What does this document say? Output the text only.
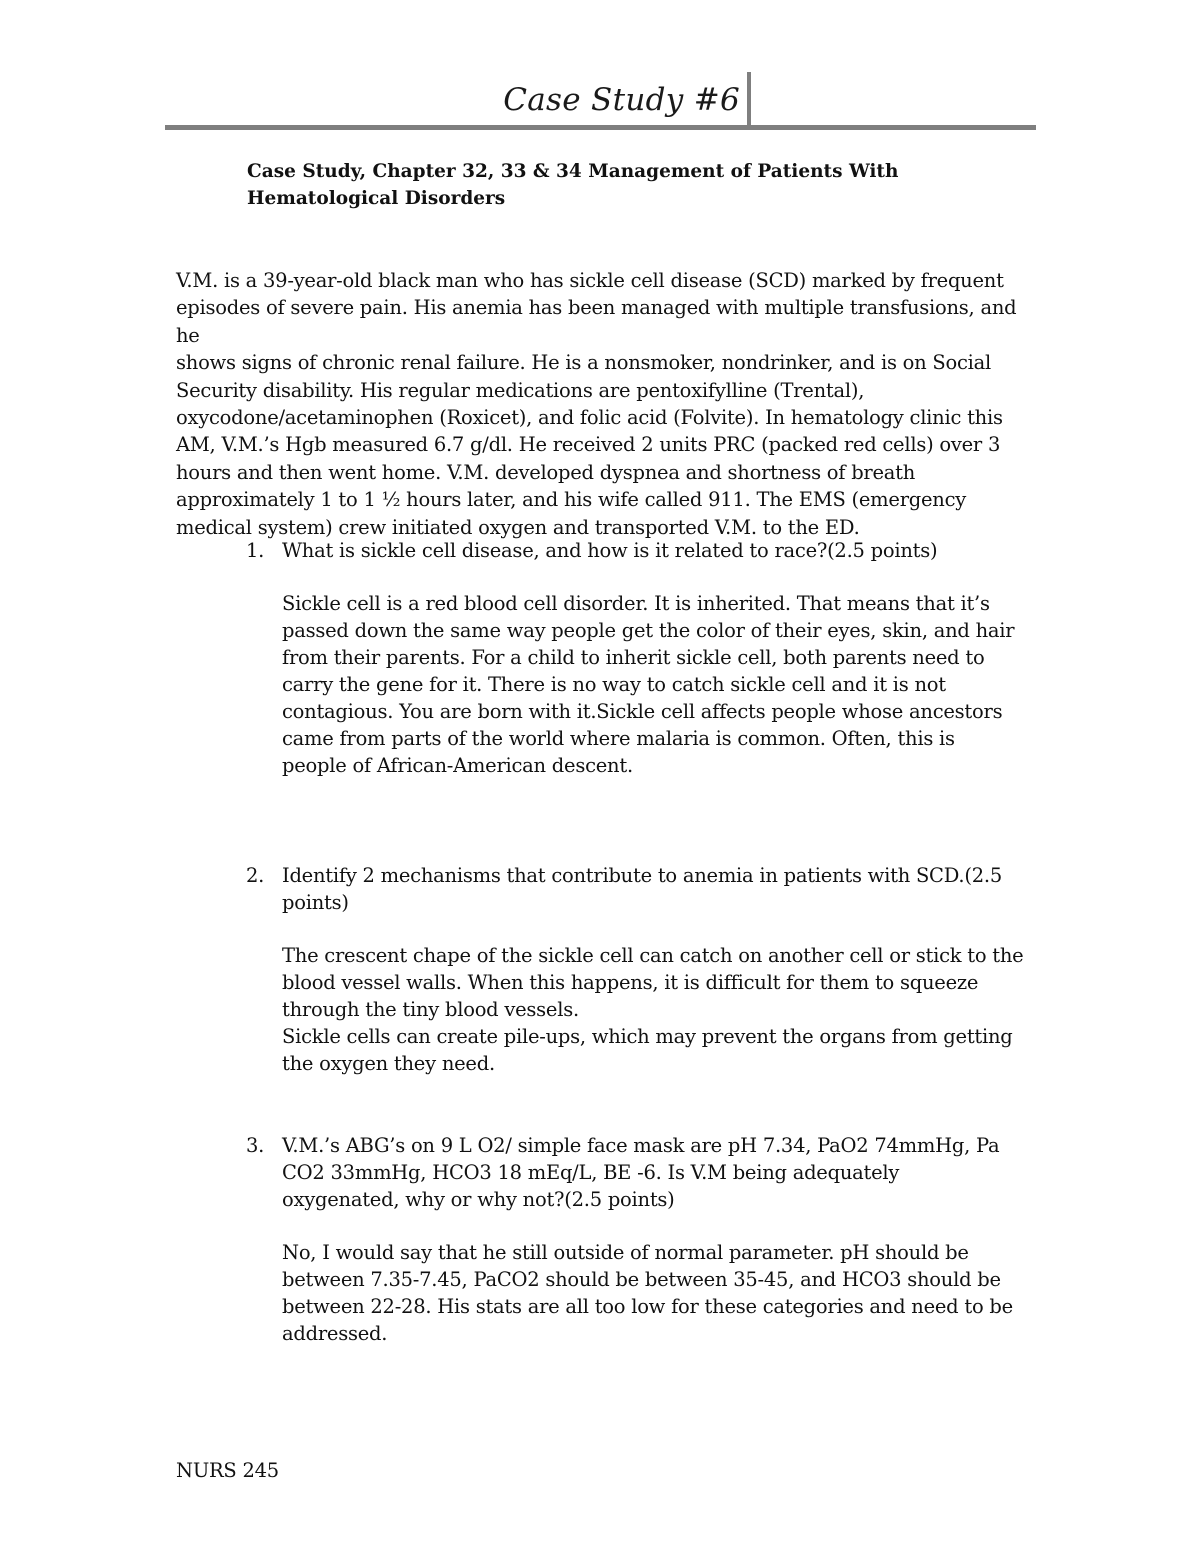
Case Study #6
Case Study, Chapter 32, 33 & 34 Management of Patients With
Hematological Disorders
V.M. is a 39-year-old black man who has sickle cell disease (SCD) marked by frequent
episodes of severe pain. His anemia has been managed with multiple transfusions, and he
shows signs of chronic renal failure. He is a nonsmoker, nondrinker, and is on Social
Security disability. His regular medications are pentoxifylline (Trental),
oxycodone/acetaminophen (Roxicet), and folic acid (Folvite). In hematology clinic this
AM, V.M.’s Hgb measured 6.7 g/dl. He received 2 units PRC (packed red cells) over 3
hours and then went home. V.M. developed dyspnea and shortness of breath
approximately 1 to 1 ½ hours later, and his wife called 911. The EMS (emergency
medical system) crew initiated oxygen and transported V.M. to the ED.
1. What is sickle cell disease, and how is it related to race?(2.5 points)
Sickle cell is a red blood cell disorder. It is inherited. That means that it’s
passed down the same way people get the color of their eyes, skin, and hair
from their parents. For a child to inherit sickle cell, both parents need to
carry the gene for it. There is no way to catch sickle cell and it is not
contagious. You are born with it.Sickle cell affects people whose ancestors
came from parts of the world where malaria is common. Often, this is
people of African-American descent.
2. Identify 2 mechanisms that contribute to anemia in patients with SCD.(2.5
points)
The crescent chape of the sickle cell can catch on another cell or stick to the
blood vessel walls. When this happens, it is difficult for them to squeeze
through the tiny blood vessels.
Sickle cells can create pile-ups, which may prevent the organs from getting
the oxygen they need.
3. V.M.’s ABG’s on 9 L O2/ simple face mask are pH 7.34, PaO2 74mmHg, Pa
CO2 33mmHg, HCO3 18 mEq/L, BE -6. Is V.M being adequately
oxygenated, why or why not?(2.5 points)
No, I would say that he still outside of normal parameter. pH should be
between 7.35-7.45, PaCO2 should be between 35-45, and HCO3 should be
between 22-28. His stats are all too low for these categories and need to be
addressed.
NURS 245
